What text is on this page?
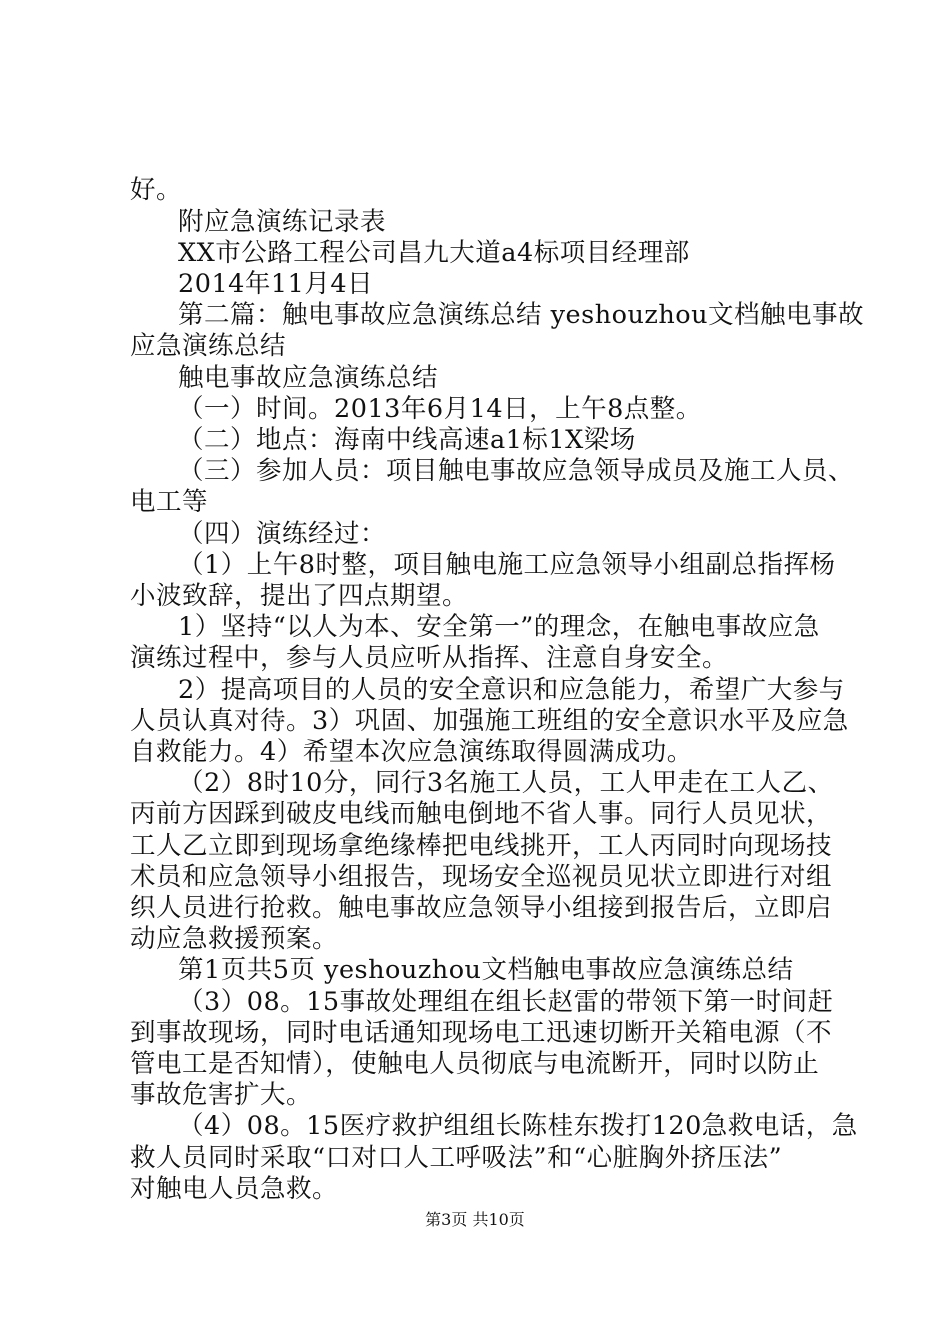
好。
附应急演练记录表
XX市公路工程公司昌九大道a4标项目经理部
2014年11月4日
第二篇：触电事故应急演练总结 yeshouzhou文档触电事故
应急演练总结
触电事故应急演练总结
（一）时间。2013年6月14日，上午8点整。
（二）地点：海南中线高速a1标1X梁场
（三）参加人员：项目触电事故应急领导成员及施工人员、
电工等
（四）演练经过：
（1）上午8时整，项目触电施工应急领导小组副总指挥杨
小波致辞，提出了四点期望。
1）坚持“以人为本、安全第一”的理念，在触电事故应急
演练过程中，参与人员应听从指挥、注意自身安全。
2）提高项目的人员的安全意识和应急能力，希望广大参与
人员认真对待。3）巩固、加强施工班组的安全意识水平及应急
自救能力。4）希望本次应急演练取得圆满成功。
（2）8时10分，同行3名施工人员，工人甲走在工人乙、
丙前方因踩到破皮电线而触电倒地不省人事。同行人员见状，
工人乙立即到现场拿绝缘棒把电线挑开，工人丙同时向现场技
术员和应急领导小组报告，现场安全巡视员见状立即进行对组
织人员进行抢救。触电事故应急领导小组接到报告后，立即启
动应急救援预案。
第1页共5页 yeshouzhou文档触电事故应急演练总结
（3）08。15事故处理组在组长赵雷的带领下第一时间赶
到事故现场，同时电话通知现场电工迅速切断开关箱电源（不
管电工是否知情），使触电人员彻底与电流断开，同时以防止
事故危害扩大。
（4）08。15医疗救护组组长陈桂东拨打120急救电话，急
救人员同时采取“口对口人工呼吸法”和“心脏胸外挤压法”
对触电人员急救。
第3页 共10页
